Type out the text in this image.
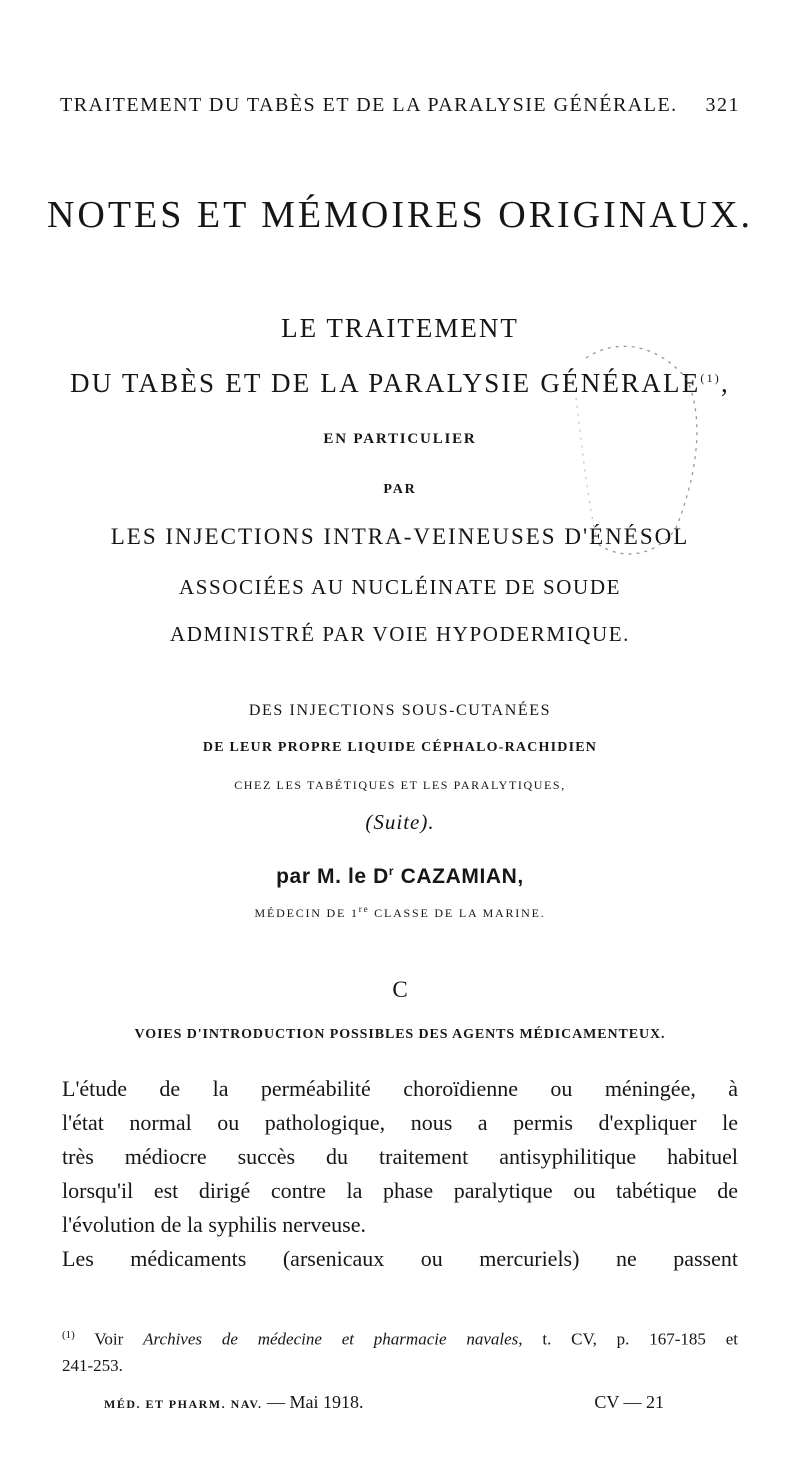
TRAITEMENT DU TABÈS ET DE LA PARALYSIE GÉNÉRALE. 321
NOTES ET MÉMOIRES ORIGINAUX.
LE TRAITEMENT
DU TABÈS ET DE LA PARALYSIE GÉNÉRALE$^{(1)}$,
EN PARTICULIER
PAR
LES INJECTIONS INTRA-VEINEUSES D'ÉNÉSOL
ASSOCIÉES AU NUCLÉINATE DE SOUDE
ADMINISTRÉ PAR VOIE HYPODERMIQUE.
DES INJECTIONS SOUS-CUTANÉES
DE LEUR PROPRE LIQUIDE CÉPHALO-RACHIDIEN
CHEZ LES TABÉTIQUES ET LES PARALYTIQUES,
(Suite).
par M. le $D^r$ CAZAMIAN,
MÉDECIN DE 1re CLASSE DE LA MARINE.
C
VOIES D'INTRODUCTION POSSIBLES DES AGENTS MÉDICAMENTEUX.
L'étude de la perméabilité choroïdienne ou méningée, à
l'état normal ou pathologique, nous a permis d'expliquer le
très médiocre succès du traitement antisyphilitique habituel
lorsqu'il est dirigé contre la phase paralytique ou tabétique de
l'évolution de la syphilis nerveuse.
Les médicaments (arsenicaux ou mercuriels) ne passent
$^{(1)}$ Voir Archives de médecine et pharmacie navales, t. CV, p. 167-185 et
241-253.
MÉD. ET PHARM. NAV. — Mai 1918.	CV — 21
